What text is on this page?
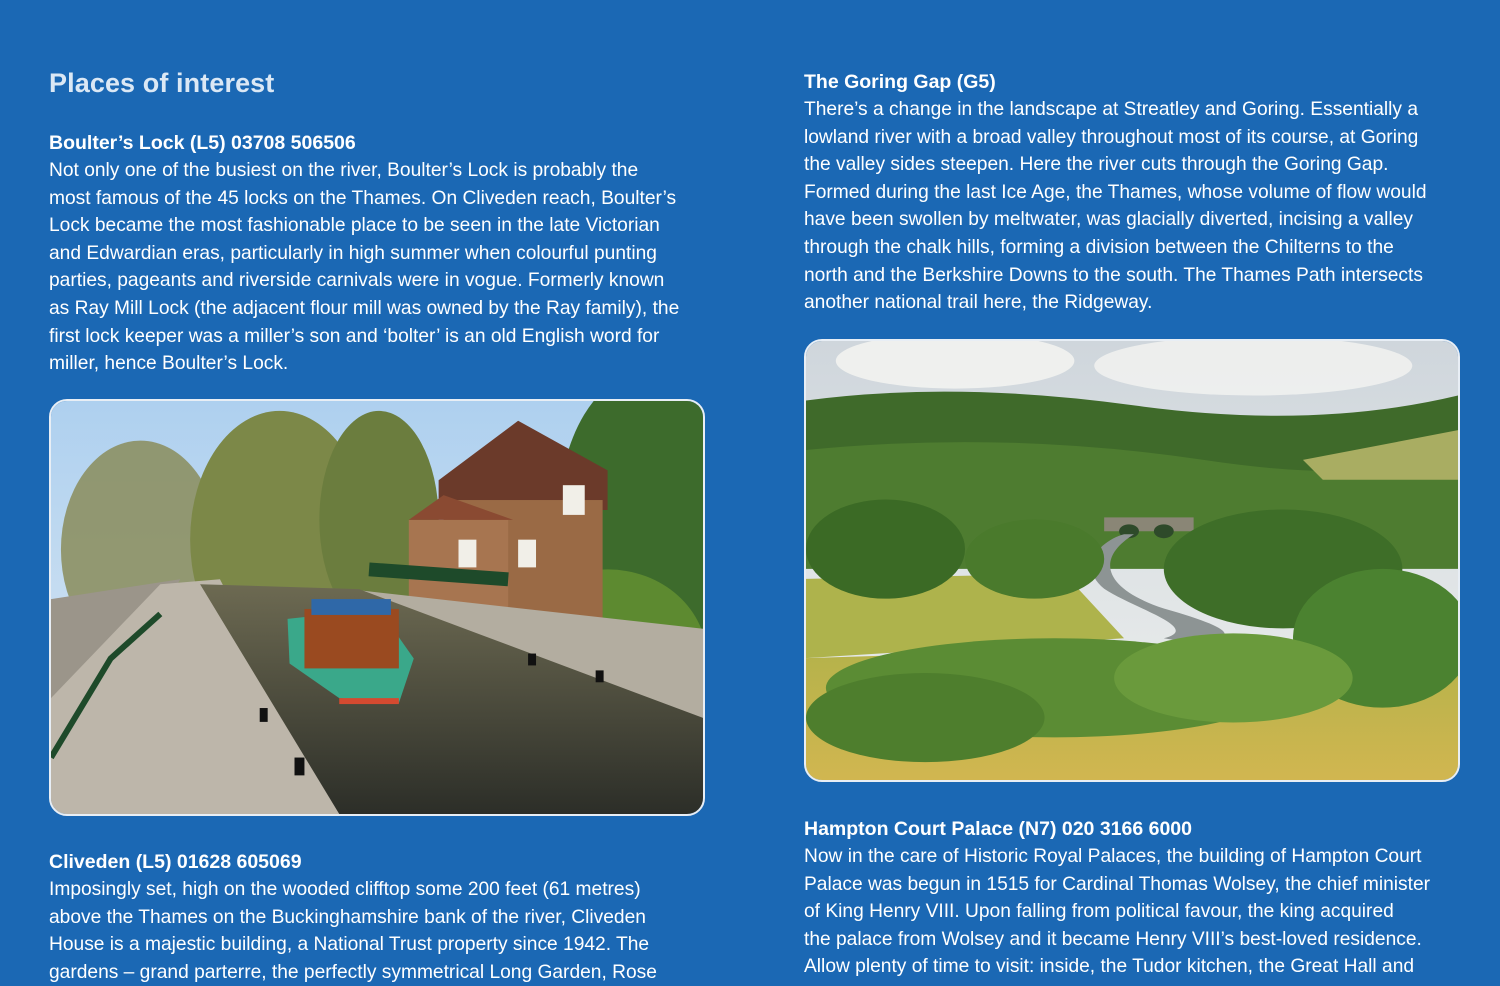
Places of interest
Boulter’s Lock (L5) 03708 506506

Not only one of the busiest on the river, Boulter’s Lock is probably the

most famous of the 45 locks on the Thames. On Cliveden reach, Boulter’s

Lock became the most fashionable place to be seen in the late Victorian

and Edwardian eras, particularly in high summer when colourful punting

parties, pageants and riverside carnivals were in vogue. Formerly known

as Ray Mill Lock (the adjacent flour mill was owned by the Ray family), the

first lock keeper was a miller’s son and ‘bolter’ is an old English word for

miller, hence Boulter’s Lock.

Cliveden (L5) 01628 605069

Imposingly set, high on the wooded clifftop some 200 feet (61 metres)

above the Thames on the Buckinghamshire bank of the river, Cliveden

House is a majestic building, a National Trust property since 1942. The

gardens – grand parterre, the perfectly symmetrical Long Garden, Rose

The Goring Gap (G5)

There’s a change in the landscape at Streatley and Goring. Essentially a

lowland river with a broad valley throughout most of its course, at Goring

the valley sides steepen. Here the river cuts through the Goring Gap.

Formed during the last Ice Age, the Thames, whose volume of flow would

have been swollen by meltwater, was glacially diverted, incising a valley

through the chalk hills, forming a division between the Chilterns to the

north and the Berkshire Downs to the south. The Thames Path intersects

another national trail here, the Ridgeway.

Hampton Court Palace (N7) 020 3166 6000

Now in the care of Historic Royal Palaces, the building of Hampton Court

Palace was begun in 1515 for Cardinal Thomas Wolsey, the chief minister

of King Henry VIII. Upon falling from political favour, the king acquired

the palace from Wolsey and it became Henry VIII’s best-loved residence.

Allow plenty of time to visit: inside, the Tudor kitchen, the Great Hall and
